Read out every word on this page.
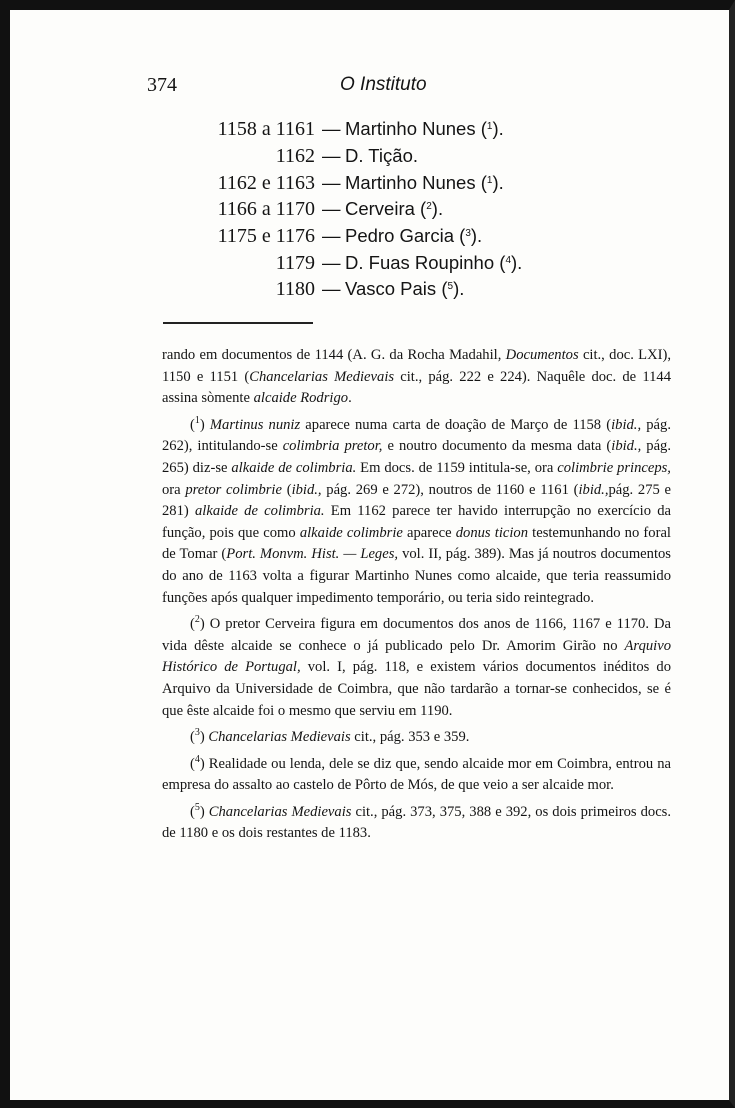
374	O Instituto
1158 a 1161 — Martinho Nunes ($^1$).
1162 — D. Tição.
1162 e 1163 — Martinho Nunes ($^1$).
1166 a 1170 — Cerveira ($^2$).
1175 e 1176 — Pedro Garcia ($^3$).
1179 — D. Fuas Roupinho ($^4$).
1180 — Vasco Pais ($^5$).

rando em documentos de 1144 (A. G. da Rocha Madahil, Documentos cit., doc. LXI), 1150 e 1151 (Chancelarias Medievais cit., pág. 222 e 224). Naquêle doc. de 1144 assina sòmente alcaide Rodrigo.

($^1$) Martinus nuniz aparece numa carta de doação de Março de 1158 (ibid., pág. 262), intitulando-se colimbria pretor, e noutro documento da mesma data (ibid., pág. 265) diz-se alkaide de colimbria. Em docs. de 1159 intitula-se, ora colimbrie princeps, ora pretor colimbrie (ibid., pág. 269 e 272), noutros de 1160 e 1161 (ibid.,pág. 275 e 281) alkaide de colimbria. Em 1162 parece ter havido interrupção no exercício da função, pois que como alkaide colimbrie aparece donus ticion testemunhando no foral de Tomar (Port. Monvm. Hist. — Leges, vol. II, pág. 389). Mas já noutros documentos do ano de 1163 volta a figurar Martinho Nunes como alcaide, que teria reassumido funções após qualquer impedimento temporário, ou teria sido reintegrado.

($^2$) O pretor Cerveira figura em documentos dos anos de 1166, 1167 e 1170. Da vida dêste alcaide se conhece o já publicado pelo Dr. Amorim Girão no Arquivo Histórico de Portugal, vol. I, pág. 118, e existem vários documentos inéditos do Arquivo da Universidade de Coimbra, que não tardarão a tornar-se conhecidos, se é que êste alcaide foi o mesmo que serviu em 1190.

($^3$) Chancelarias Medievais cit., pág. 353 e 359.

($^4$) Realidade ou lenda, dele se diz que, sendo alcaide mor em Coimbra, entrou na empresa do assalto ao castelo de Pôrto de Mós, de que veio a ser alcaide mor.

($^5$) Chancelarias Medievais cit., pág. 373, 375, 388 e 392, os dois primeiros docs. de 1180 e os dois restantes de 1183.
